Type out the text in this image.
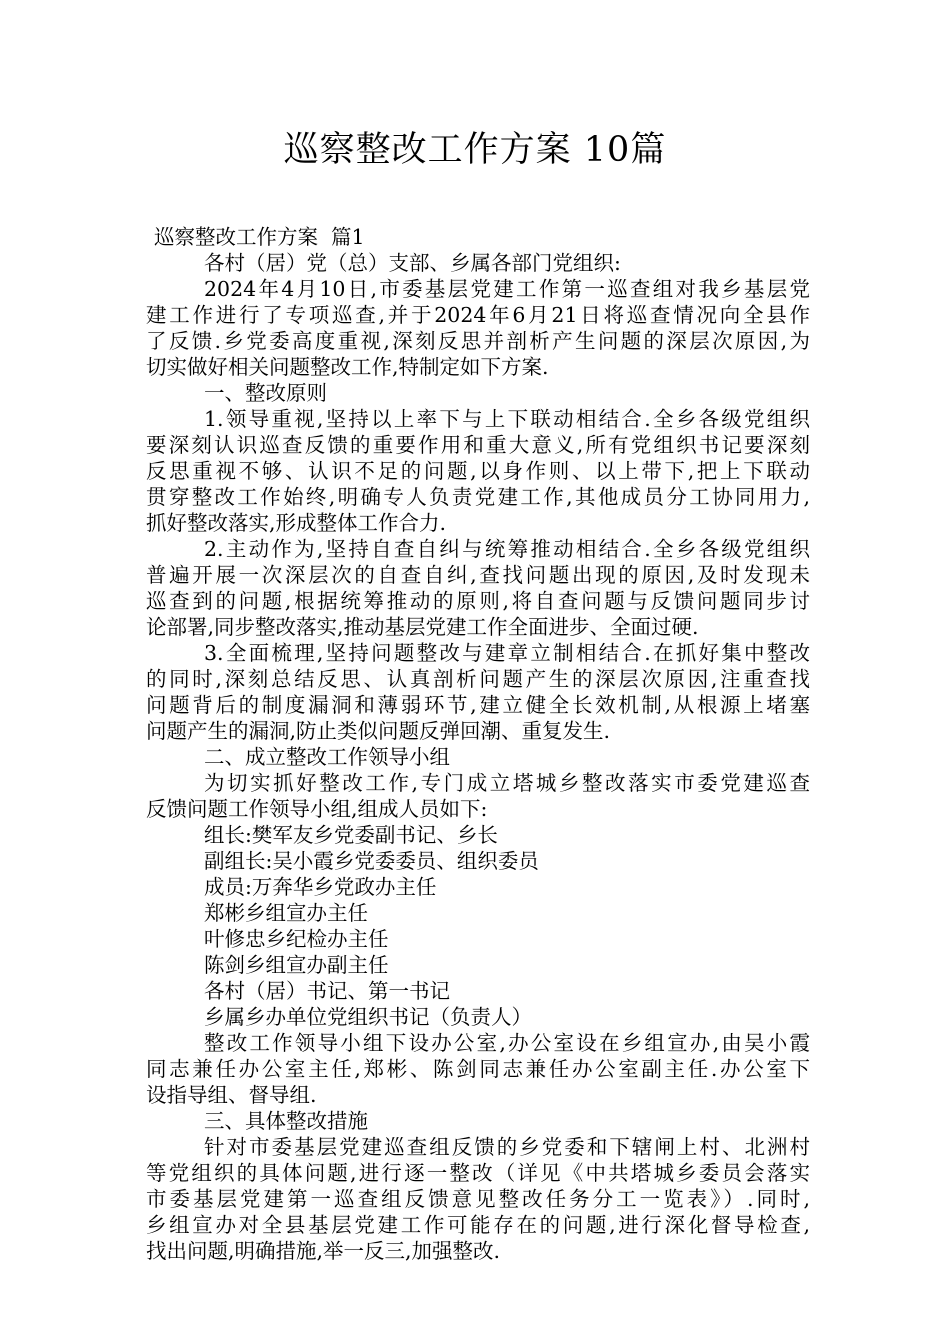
巡察整改工作方案 10篇

巡察整改工作方案  篇1

各村（居）党（总）支部、乡属各部门党组织:

2024年4月10日,市委基层党建工作第一巡查组对我乡基层党

建工作进行了专项巡查,并于2024年6月21日将巡查情况向全县作

了反馈.乡党委高度重视,深刻反思并剖析产生问题的深层次原因,为

切实做好相关问题整改工作,特制定如下方案.

一、整改原则

1.领导重视,坚持以上率下与上下联动相结合.全乡各级党组织

要深刻认识巡查反馈的重要作用和重大意义,所有党组织书记要深刻

反思重视不够、认识不足的问题,以身作则、以上带下,把上下联动

贯穿整改工作始终,明确专人负责党建工作,其他成员分工协同用力,

抓好整改落实,形成整体工作合力.

2.主动作为,坚持自查自纠与统筹推动相结合.全乡各级党组织

普遍开展一次深层次的自查自纠,查找问题出现的原因,及时发现未

巡查到的问题,根据统筹推动的原则,将自查问题与反馈问题同步讨

论部署,同步整改落实,推动基层党建工作全面进步、全面过硬.

3.全面梳理,坚持问题整改与建章立制相结合.在抓好集中整改

的同时,深刻总结反思、认真剖析问题产生的深层次原因,注重查找

问题背后的制度漏洞和薄弱环节,建立健全长效机制,从根源上堵塞

问题产生的漏洞,防止类似问题反弹回潮、重复发生.

二、成立整改工作领导小组

为切实抓好整改工作,专门成立塔城乡整改落实市委党建巡查

反馈问题工作领导小组,组成人员如下:

组长:樊军友乡党委副书记、乡长

副组长:吴小霞乡党委委员、组织委员

成员:万奔华乡党政办主任

郑彬乡组宣办主任

叶修忠乡纪检办主任

陈剑乡组宣办副主任

各村（居）书记、第一书记

乡属乡办单位党组织书记（负责人）

整改工作领导小组下设办公室,办公室设在乡组宣办,由吴小霞

同志兼任办公室主任,郑彬、陈剑同志兼任办公室副主任.办公室下

设指导组、督导组.

三、具体整改措施

针对市委基层党建巡查组反馈的乡党委和下辖闸上村、北洲村

等党组织的具体问题,进行逐一整改（详见《中共塔城乡委员会落实

市委基层党建第一巡查组反馈意见整改任务分工一览表》）.同时,

乡组宣办对全县基层党建工作可能存在的问题,进行深化督导检查,

找出问题,明确措施,举一反三,加强整改.
